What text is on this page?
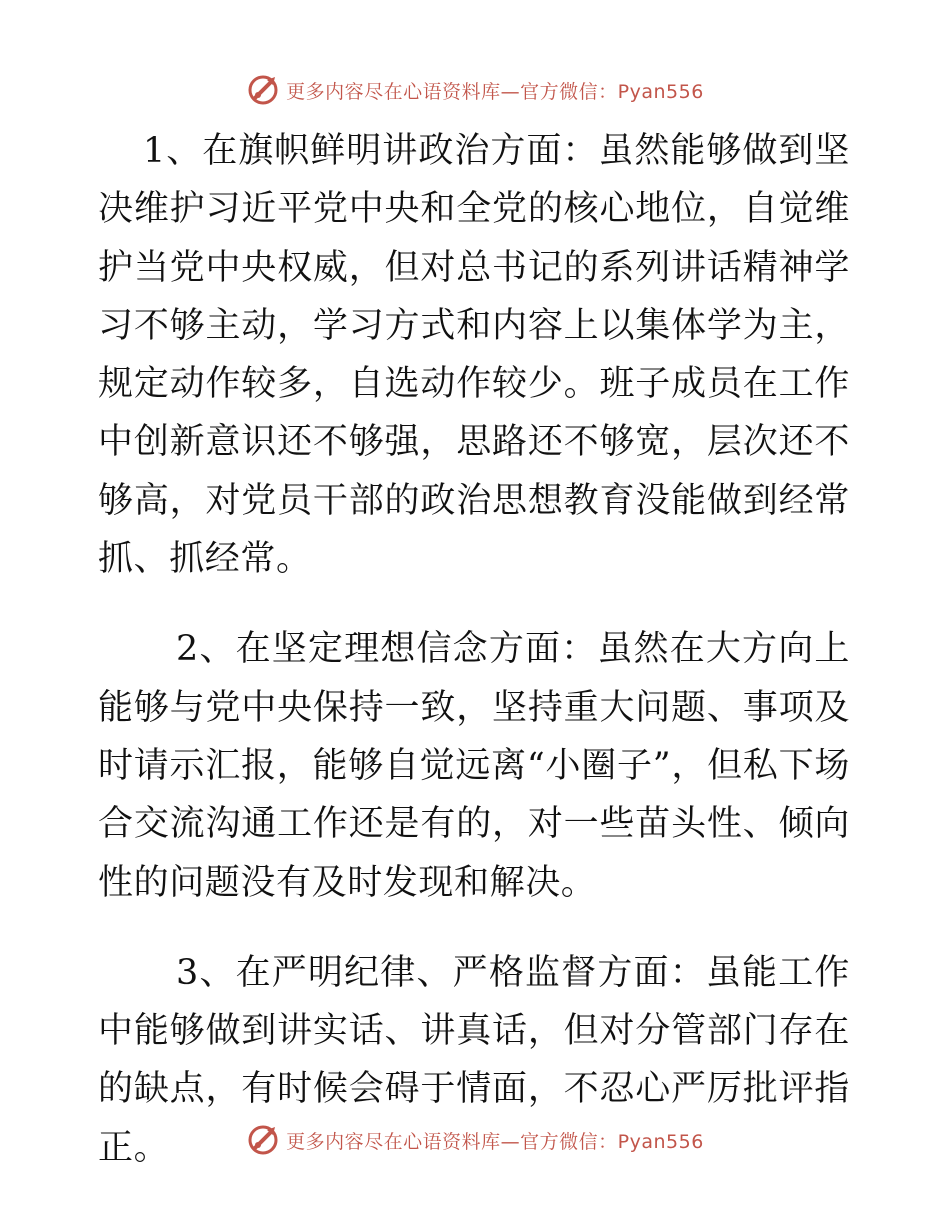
更多内容尽在心语资料库—官方微信：Pyan556

1、在旗帜鲜明讲政治方面：虽然能够做到坚决维护习近平党中央和全党的核心地位，自觉维护当党中央权威，但对总书记的系列讲话精神学习不够主动，学习方式和内容上以集体学为主，规定动作较多，自选动作较少。班子成员在工作中创新意识还不够强，思路还不够宽，层次还不够高，对党员干部的政治思想教育没能做到经常抓、抓经常。

2、在坚定理想信念方面：虽然在大方向上能够与党中央保持一致，坚持重大问题、事项及时请示汇报，能够自觉远离“小圈子”，但私下场合交流沟通工作还是有的，对一些苗头性、倾向性的问题没有及时发现和解决。

3、在严明纪律、严格监督方面：虽能工作中能够做到讲实话、讲真话，但对分管部门存在的缺点，有时候会碍于情面，不忍心严厉批评指正。	更多内容尽在心语资料库—官方微信：Pyan556
